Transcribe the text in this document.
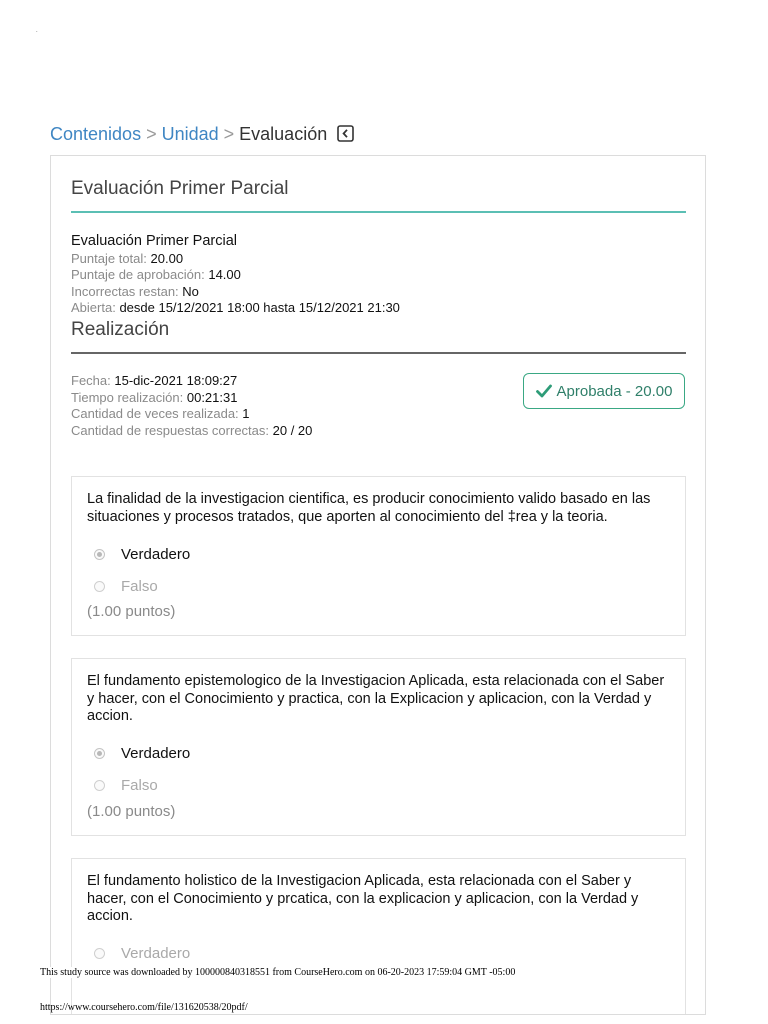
.
Contenidos > Unidad > Evaluación
Evaluación Primer Parcial
Evaluación Primer Parcial
Puntaje total: 20.00
Puntaje de aprobación: 14.00
Incorrectas restan: No
Abierta: desde 15/12/2021 18:00 hasta 15/12/2021 21:30
Realización
Fecha: 15-dic-2021 18:09:27
Tiempo realización: 00:21:31
Cantidad de veces realizada: 1
Cantidad de respuestas correctas: 20 / 20
Aprobada - 20.00
La finalidad de la investigacion cientifica, es producir conocimiento valido basado en las situaciones y procesos tratados, que aporten al conocimiento del ‡rea y la teoria.
Verdadero
Falso
(1.00 puntos)
El fundamento epistemologico de la Investigacion Aplicada, esta relacionada con el Saber y hacer, con el Conocimiento y practica, con la Explicacion y aplicacion, con la Verdad y accion.
Verdadero
Falso
(1.00 puntos)
El fundamento holistico de la Investigacion Aplicada, esta relacionada con el Saber y hacer, con el Conocimiento y prcatica, con la explicacion y aplicacion, con la Verdad y accion.
Verdadero
This study source was downloaded by 100000840318551 from CourseHero.com on 06-20-2023 17:59:04 GMT -05:00
https://www.coursehero.com/file/131620538/20pdf/
